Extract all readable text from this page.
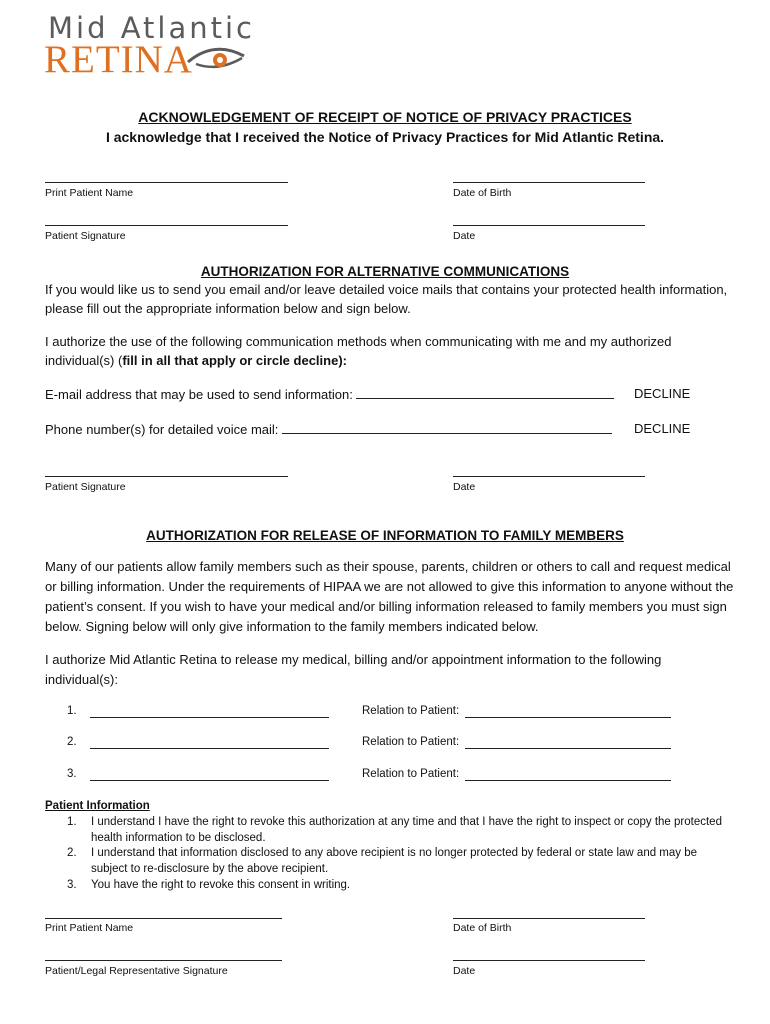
Mid Atlantic
RETINA
ACKNOWLEDGEMENT OF RECEIPT OF NOTICE OF PRIVACY PRACTICES
I acknowledge that I received the Notice of Privacy Practices for Mid Atlantic Retina.
Print Patient Name	Date of Birth
Patient Signature	Date
AUTHORIZATION FOR ALTERNATIVE COMMUNICATIONS
If you would like us to send you email and/or leave detailed voice mails that contains your protected health information, please fill out the appropriate information below and sign below.
I authorize the use of the following communication methods when communicating with me and my authorized individual(s) (fill in all that apply or circle decline):
E-mail address that may be used to send information:	DECLINE
Phone number(s) for detailed voice mail:	DECLINE
Patient Signature	Date
AUTHORIZATION FOR RELEASE OF INFORMATION TO FAMILY MEMBERS
Many of our patients allow family members such as their spouse, parents, children or others to call and request medical or billing information. Under the requirements of HIPAA we are not allowed to give this information to anyone without the patient’s consent. If you wish to have your medical and/or billing information released to family members you must sign below. Signing below will only give information to the family members indicated below.
I authorize Mid Atlantic Retina to release my medical, billing and/or appointment information to the following individual(s):
1.	Relation to Patient:
2.	Relation to Patient:
3.	Relation to Patient:
Patient Information
1. I understand I have the right to revoke this authorization at any time and that I have the right to inspect or copy the protected health information to be disclosed.
2. I understand that information disclosed to any above recipient is no longer protected by federal or state law and may be subject to re-disclosure by the above recipient.
3. You have the right to revoke this consent in writing.
Print Patient Name	Date of Birth
Patient/Legal Representative Signature	Date
